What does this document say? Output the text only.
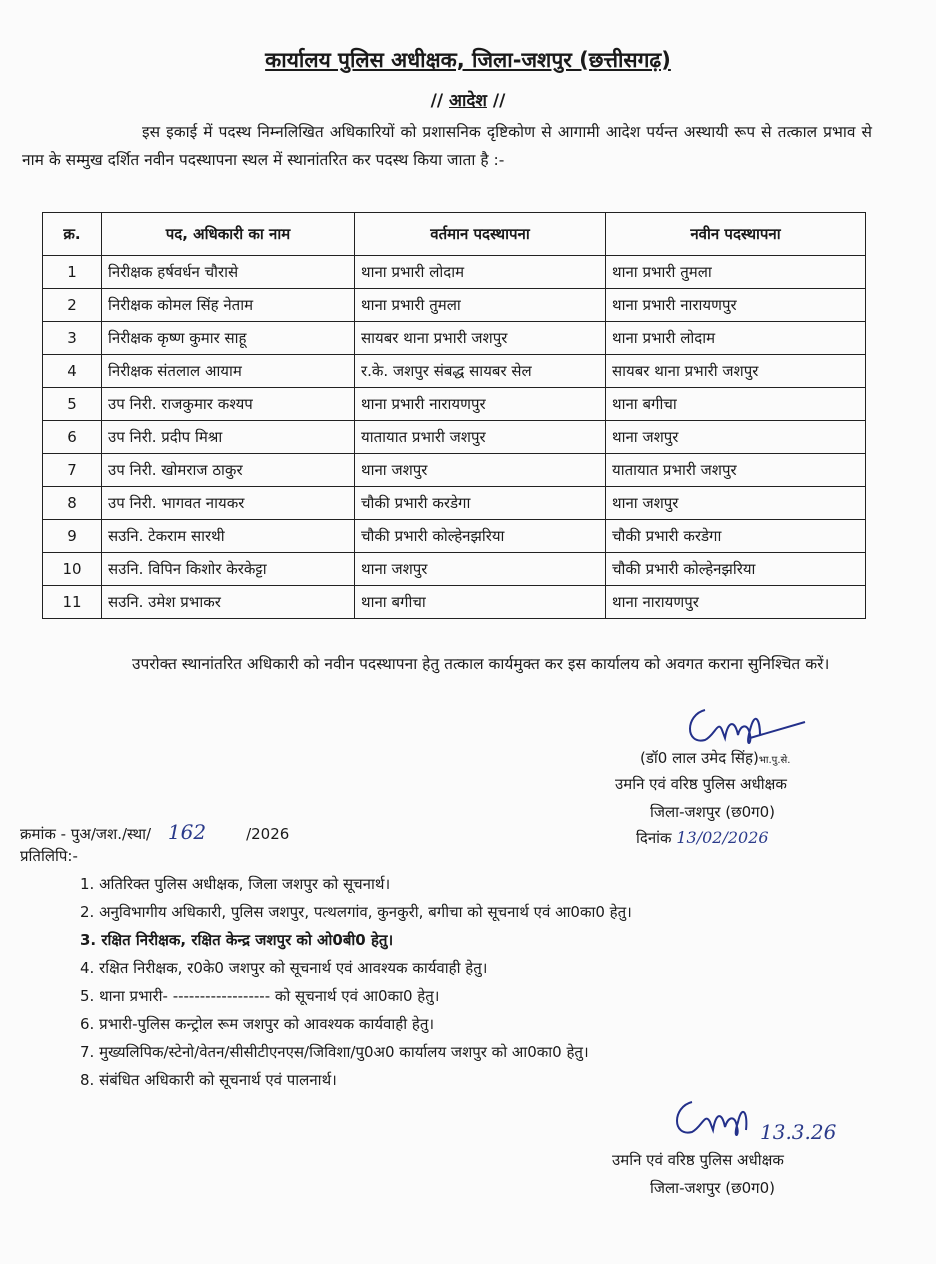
कार्यालय पुलिस अधीक्षक, जिला-जशपुर (छत्तीसगढ़)
// आदेश //
इस इकाई में पदस्थ निम्नलिखित अधिकारियों को प्रशासनिक दृष्टिकोण से आगामी आदेश पर्यन्त अस्थायी रूप से तत्काल प्रभाव से नाम के सम्मुख दर्शित नवीन पदस्थापना स्थल में स्थानांतरित कर पदस्थ किया जाता है :-
क्र.	पद, अधिकारी का नाम	वर्तमान पदस्थापना	नवीन पदस्थापना
1	निरीक्षक हर्षवर्धन चौरासे	थाना प्रभारी लोदाम	थाना प्रभारी तुमला
2	निरीक्षक कोमल सिंह नेताम	थाना प्रभारी तुमला	थाना प्रभारी नारायणपुर
3	निरीक्षक कृष्ण कुमार साहू	सायबर थाना प्रभारी जशपुर	थाना प्रभारी लोदाम
4	निरीक्षक संतलाल आयाम	र.के. जशपुर संबद्ध सायबर सेल	सायबर थाना प्रभारी जशपुर
5	उप निरी. राजकुमार कश्यप	थाना प्रभारी नारायणपुर	थाना बगीचा
6	उप निरी. प्रदीप मिश्रा	यातायात प्रभारी जशपुर	थाना जशपुर
7	उप निरी. खोमराज ठाकुर	थाना जशपुर	यातायात प्रभारी जशपुर
8	उप निरी. भागवत नायकर	चौकी प्रभारी करडेगा	थाना जशपुर
9	सउनि. टेकराम सारथी	चौकी प्रभारी कोल्हेनझरिया	चौकी प्रभारी करडेगा
10	सउनि. विपिन किशोर केरकेट्टा	थाना जशपुर	चौकी प्रभारी कोल्हेनझरिया
11	सउनि. उमेश प्रभाकर	थाना बगीचा	थाना नारायणपुर
उपरोक्त स्थानांतरित अधिकारी को नवीन पदस्थापना हेतु तत्काल कार्यमुक्त कर इस कार्यालय को अवगत कराना सुनिश्चित करें।
(डॉ0 लाल उमेद सिंह)भा.पु.से.
उमनि एवं वरिष्ठ पुलिस अधीक्षक
जिला-जशपुर (छ0ग0)
दिनांक 13/02/2026
क्रमांक - पुअ/जश./स्था/ 162	/2026
प्रतिलिपि:-
1. अतिरिक्त पुलिस अधीक्षक, जिला जशपुर को सूचनार्थ।
2. अनुविभागीय अधिकारी, पुलिस जशपुर, पत्थलगांव, कुनकुरी, बगीचा को सूचनार्थ एवं आ0का0 हेतु।
3. रक्षित निरीक्षक, रक्षित केन्द्र जशपुर को ओ0बी0 हेतु।
4. रक्षित निरीक्षक, र0के0 जशपुर को सूचनार्थ एवं आवश्यक कार्यवाही हेतु।
5. थाना प्रभारी- ------------------ को सूचनार्थ एवं आ0का0 हेतु।
6. प्रभारी-पुलिस कन्ट्रोल रूम जशपुर को आवश्यक कार्यवाही हेतु।
7. मुख्यलिपिक/स्टेनो/वेतन/सीसीटीएनएस/जिविशा/पु0अ0 कार्यालय जशपुर को आ0का0 हेतु।
8. संबंधित अधिकारी को सूचनार्थ एवं पालनार्थ।
13.3.26
उमनि एवं वरिष्ठ पुलिस अधीक्षक
जिला-जशपुर (छ0ग0)
